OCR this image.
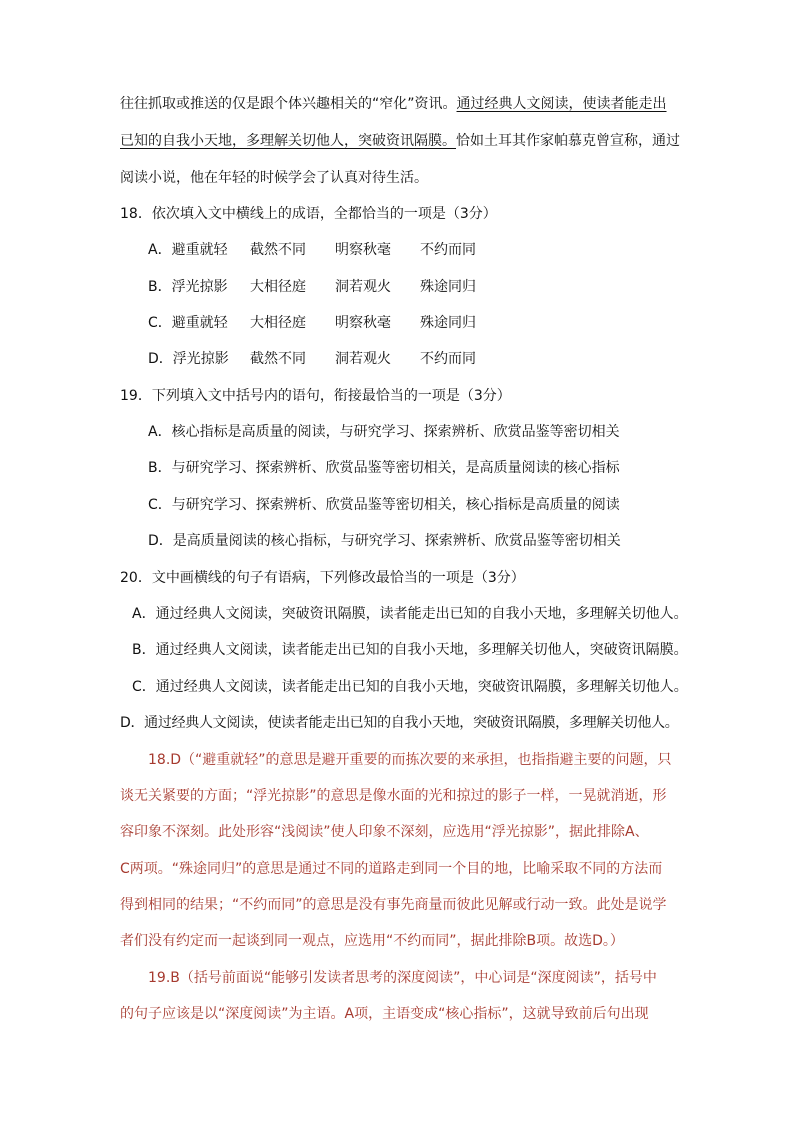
往往抓取或推送的仅是跟个体兴趣相关的“窄化”资讯。通过经典人文阅读，使读者能走出
已知的自我小天地，多理解关切他人，突破资讯隔膜。恰如土耳其作家帕慕克曾宣称，通过
阅读小说，他在年轻的时候学会了认真对待生活。
18．依次填入文中横线上的成语，全都恰当的一项是（3分）
A．避重就轻 截然不同 明察秋毫 不约而同
B．浮光掠影 大相径庭 洞若观火 殊途同归
C．避重就轻 大相径庭 明察秋毫 殊途同归
D．浮光掠影 截然不同 洞若观火 不约而同
19．下列填入文中括号内的语句，衔接最恰当的一项是（3分）
A．核心指标是高质量的阅读，与研究学习、探索辨析、欣赏品鉴等密切相关
B．与研究学习、探索辨析、欣赏品鉴等密切相关，是高质量阅读的核心指标
C．与研究学习、探索辨析、欣赏品鉴等密切相关，核心指标是高质量的阅读
D．是高质量阅读的核心指标，与研究学习、探索辨析、欣赏品鉴等密切相关
20．文中画横线的句子有语病，下列修改最恰当的一项是（3分）
A．通过经典人文阅读，突破资讯隔膜，读者能走出已知的自我小天地，多理解关切他人。
B．通过经典人文阅读，读者能走出已知的自我小天地，多理解关切他人，突破资讯隔膜。
C．通过经典人文阅读，读者能走出已知的自我小天地，突破资讯隔膜，多理解关切他人。
D．通过经典人文阅读，使读者能走出已知的自我小天地，突破资讯隔膜，多理解关切他人。
18.D（“避重就轻”的意思是避开重要的而拣次要的来承担，也指指避主要的问题，只
谈无关紧要的方面；“浮光掠影”的意思是像水面的光和掠过的影子一样，一晃就消逝，形
容印象不深刻。此处形容“浅阅读”使人印象不深刻，应选用“浮光掠影”，据此排除A、
C两项。“殊途同归”的意思是通过不同的道路走到同一个目的地，比喻采取不同的方法而
得到相同的结果；“不约而同”的意思是没有事先商量而彼此见解或行动一致。此处是说学
者们没有约定而一起谈到同一观点，应选用“不约而同”，据此排除B项。故选D。）
19.B（括号前面说“能够引发读者思考的深度阅读”，中心词是“深度阅读”，括号中
的句子应该是以“深度阅读”为主语。A项，主语变成“核心指标”，这就导致前后句出现
